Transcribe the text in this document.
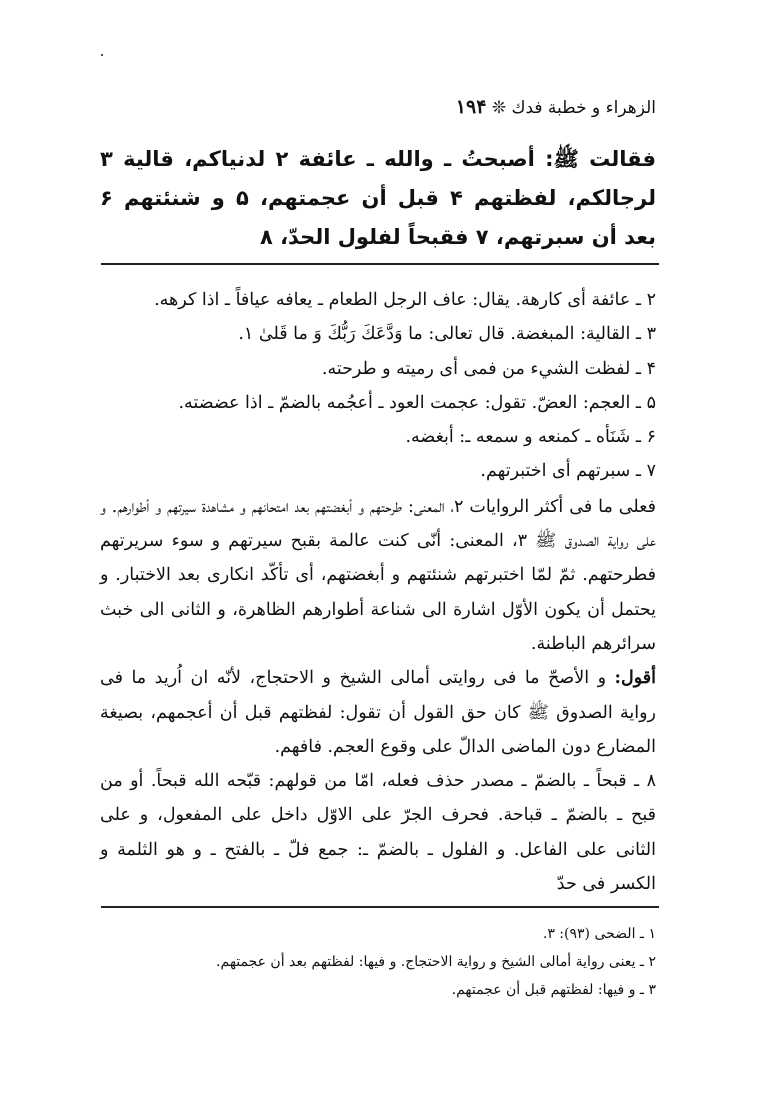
الزهراء و خطبة فدك ❊ ۱۹۴
فقالت ﷺ: أصبحتُ ـ والله ـ عائفة ۲ لدنياكم، قالية ۳ لرجالكم، لفظتهم ۴ قبل أن عجمتهم، ۵ و شنئتهم ۶ بعد أن سبرتهم، ۷ فقبحاً لفلول الحدّ، ۸
۲ ـ عائفة أى كارهة. يقال: عاف الرجل الطعام ـ يعافه عيافاً ـ اذا كرهه.
۳ ـ القالية: المبغضة. قال تعالى: ما وَدَّعَكَ رَبُّكَ وَ ما قَلىٰ ۱.
۴ ـ لفظت الشيء من فمى أى رميته و طرحته.
۵ ـ العجم: العضّ. تقول: عجمت العود ـ أعجُمه بالضمّ ـ اذا عضضته.
۶ ـ شَنَأه ـ كمنعه و سمعه ـ: أبغضه.
۷ ـ سبرتهم أى اختبرتهم.
فعلى ما فى أكثر الروايات ۲، المعنى: طرحتهم و أبغضتهم بعد امتحانهم و مشاهدة سيرتهم و أطوارهم. و على رواية الصدوق ﷺ ۳، المعنى: أنّى كنت عالمة بقبح سيرتهم و سوء سريرتهم فطرحتهم. ثمّ لمّا اختبرتهم شنئتهم و أبغضتهم، أى تأكّد انكارى بعد الاختبار. و يحتمل أن يكون الأوّل اشارة الى شناعة أطوارهم الظاهرة، و الثانى الى خبث سرائرهم الباطنة.
أقول: و الأصحّ ما فى روايتى أمالى الشيخ و الاحتجاج، لأنّه ان اُريد ما فى رواية الصدوق ﷺ كان حق القول أن تقول: لفظتهم قبل أن أعجمهم، بصيغة المضارع دون الماضى الدالّ على وقوع العجم. فافهم.
۸ ـ قبحاً ـ بالضمّ ـ مصدر حذف فعله، امّا من قولهم: قبّحه الله قبحاً. أو من قبح ـ بالضمّ ـ قباحة. فحرف الجرّ على الاوّل داخل على المفعول، و على الثانى على الفاعل. و الفلول ـ بالضمّ ـ: جمع فلّ ـ بالفتح ـ و هو الثلمة و الكسر فى حدّ
۱ ـ الضحى (۹۳): ۳.
۲ ـ يعنى رواية أمالى الشيخ و رواية الاحتجاج. و فيها: لفظتهم بعد أن عجمتهم.
۳ ـ و فيها: لفظتهم قبل أن عجمتهم.
